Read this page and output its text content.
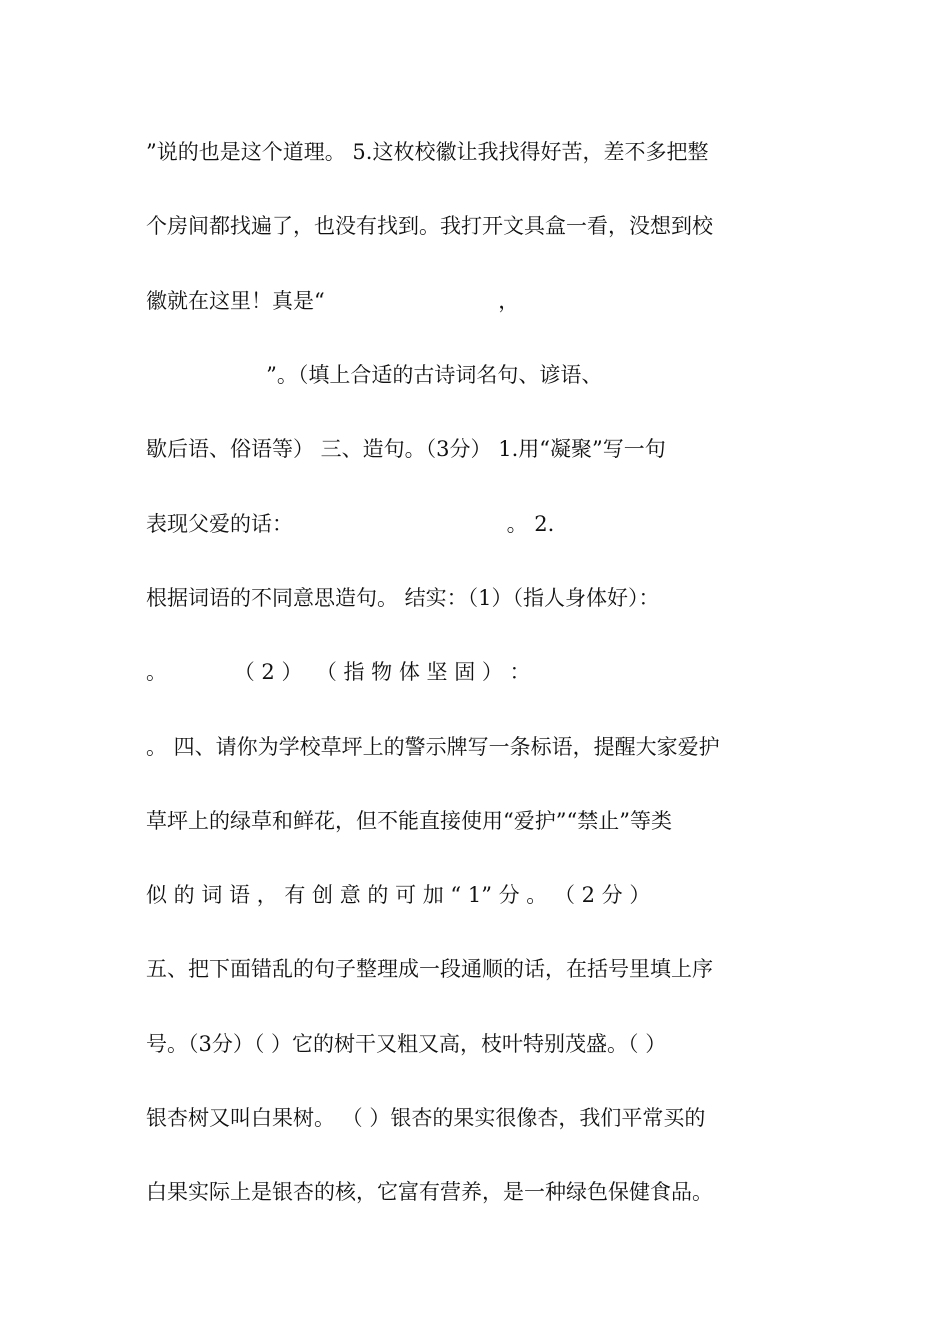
”说的也是这个道理。 5.这枚校徽让我找得好苦，差不多把整
个房间都找遍了，也没有找到。我打开文具盒一看，没想到校
徽就在这里！真是“                          ，
”。（填上合适的古诗词名句、谚语、
歇后语、俗语等） 三、造句。（3分） 1.用“凝聚”写一句
表现父爱的话：                                。 2.
根据词语的不同意思造句。 结实：（1）（指人身体好）：
。          （ 2 ）  （ 指 物 体 坚 固 ） ：
。 四、请你为学校草坪上的警示牌写一条标语，提醒大家爱护
草坪上的绿草和鲜花，但不能直接使用“爱护”“禁止”等类
似 的 词 语 ， 有 创 意 的 可 加 “ 1” 分 。 （ 2 分 ）
五、把下面错乱的句子整理成一段通顺的话，在括号里填上序
号。（3分）（ ）它的树干又粗又高，枝叶特别茂盛。（ ）
银杏树又叫白果树。 （ ）银杏的果实很像杏，我们平常买的
白果实际上是银杏的核，它富有营养，是一种绿色保健食品。
